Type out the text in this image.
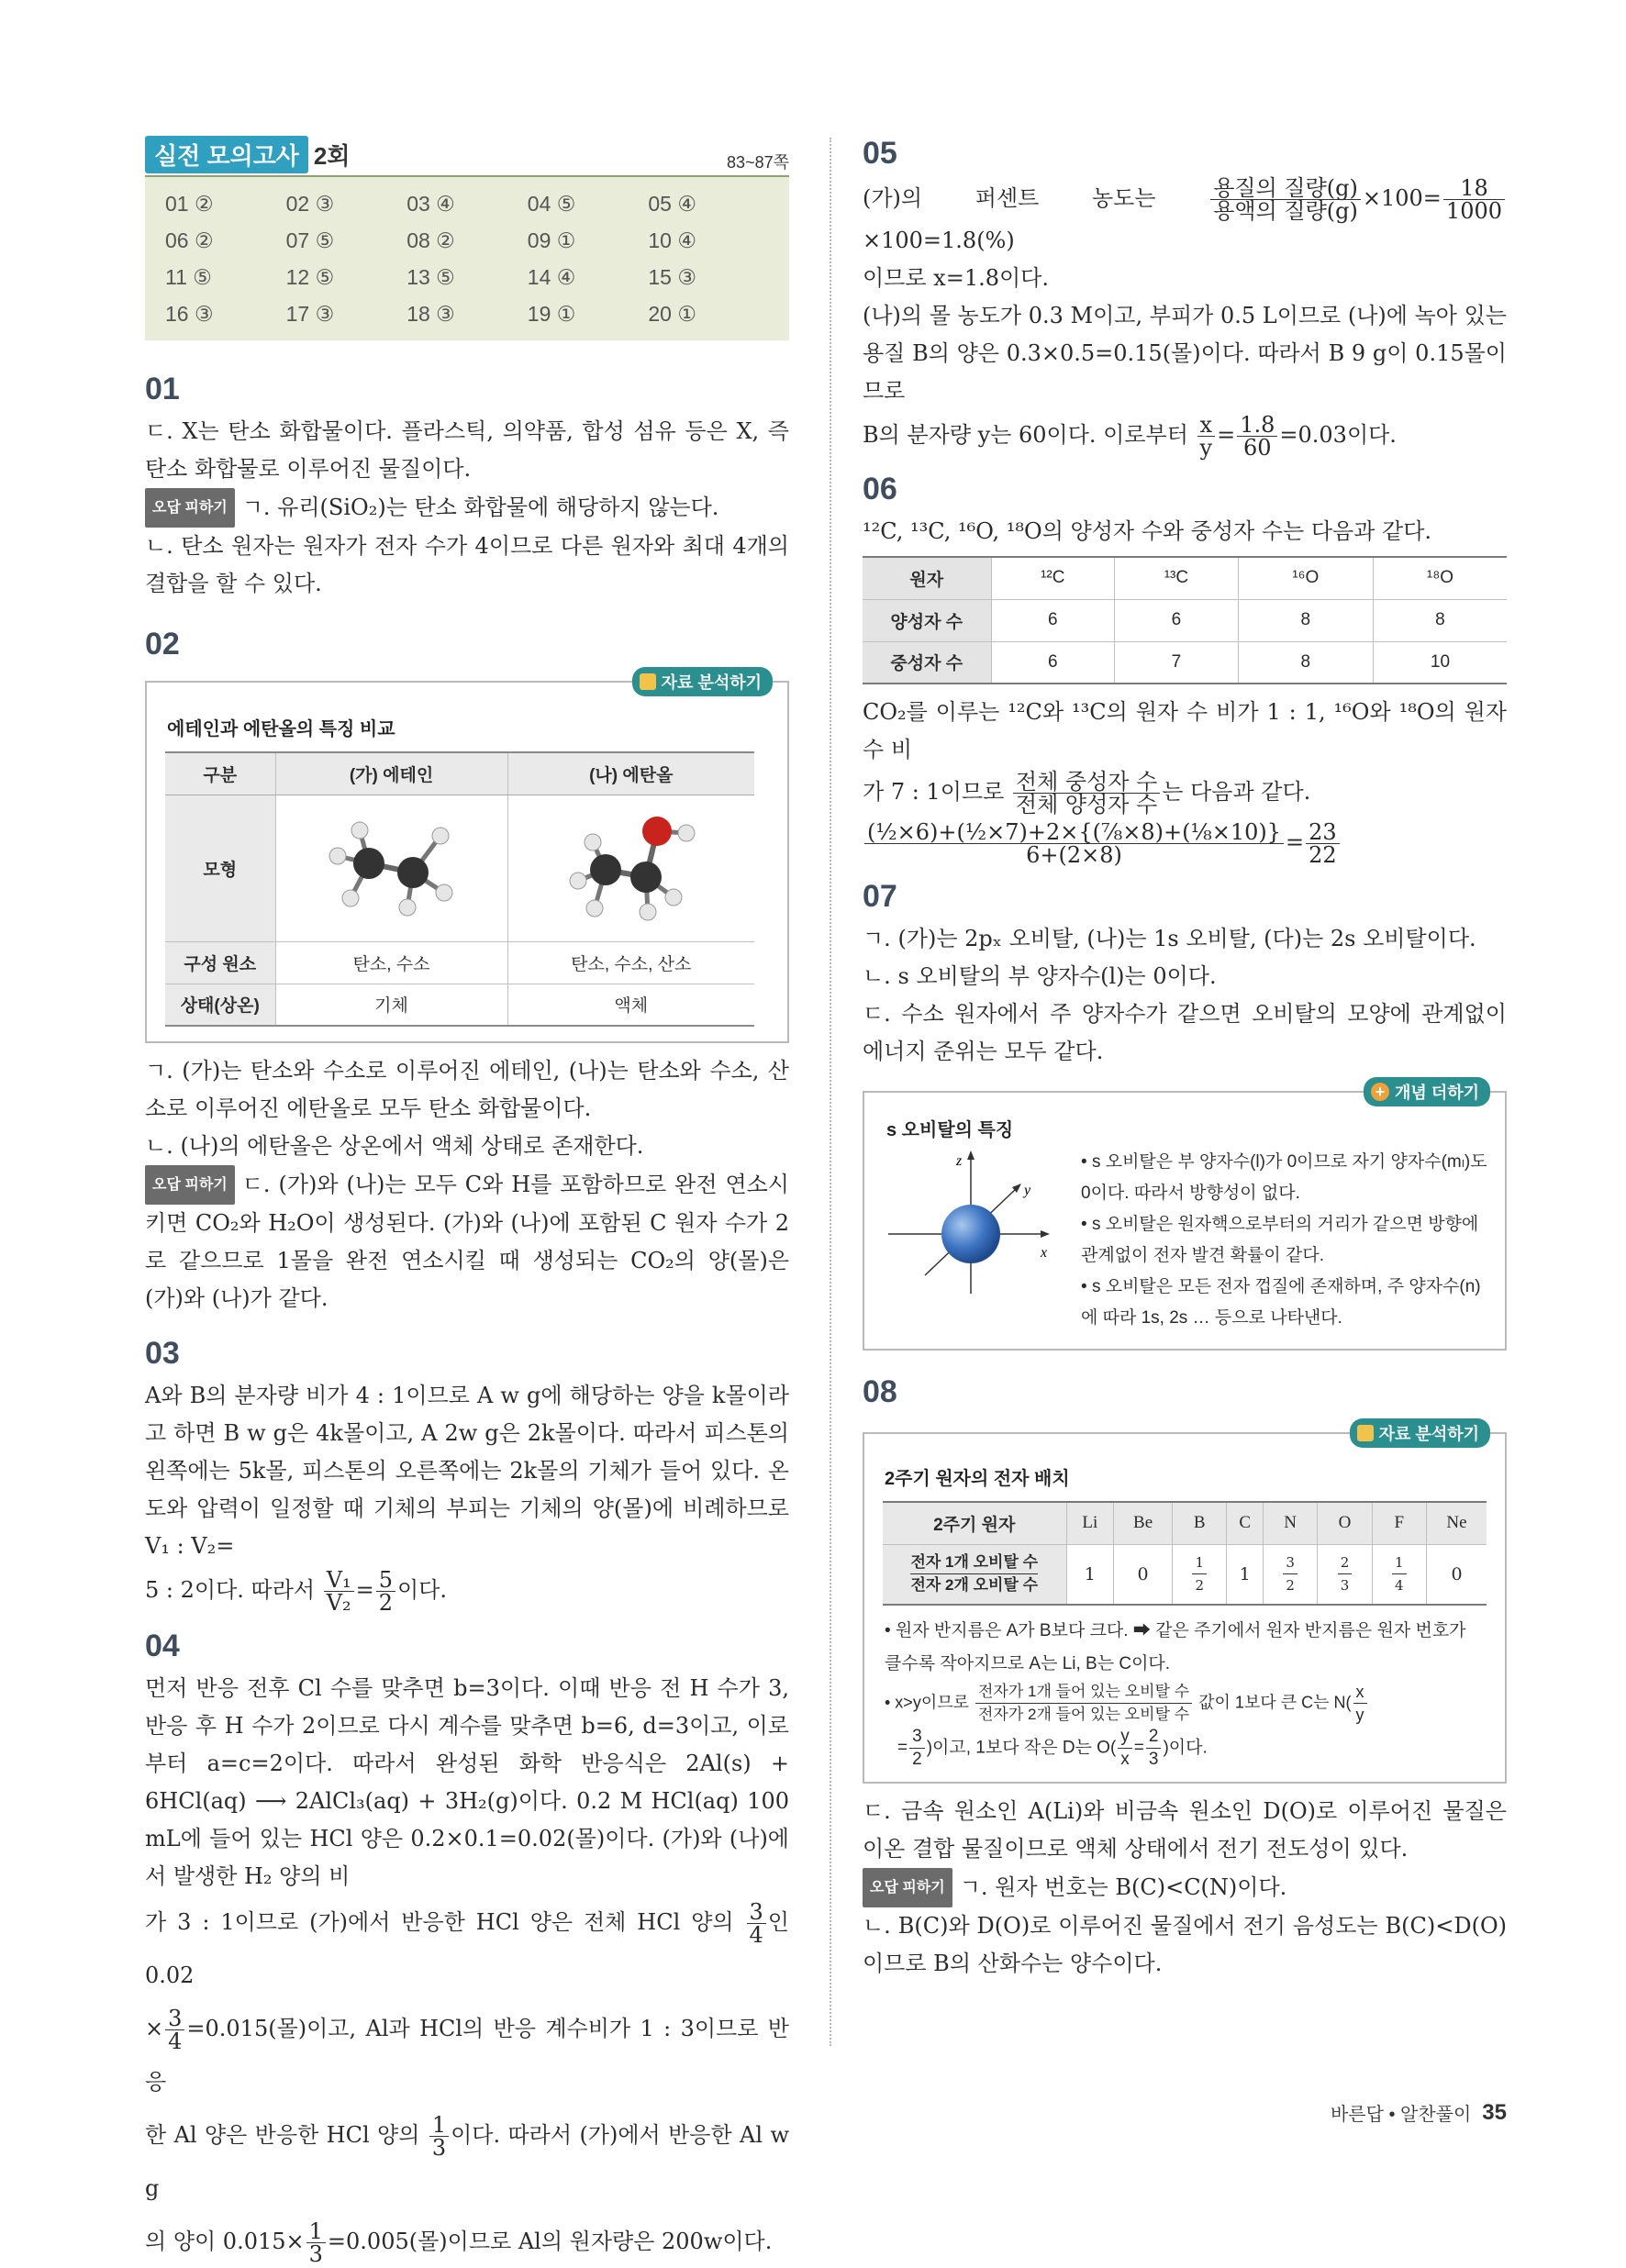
실전 모의고사 2회	83~87쪽
01 ②	02 ③	03 ④	04 ⑤	05 ④
06 ②	07 ⑤	08 ②	09 ①	10 ④
11 ⑤	12 ⑤	13 ⑤	14 ④	15 ③
16 ③	17 ③	18 ③	19 ①	20 ①
01

ㄷ. X는 탄소 화합물이다. 플라스틱, 의약품, 합성 섬유 등은 X, 즉 탄소 화합물로 이루어진 물질이다.

오답 피하기 ㄱ. 유리(SiO₂)는 탄소 화합물에 해당하지 않는다.

ㄴ. 탄소 원자는 원자가 전자 수가 4이므로 다른 원자와 최대 4개의 결합을 할 수 있다.

02
자료 분석하기
에테인과 에탄올의 특징 비교
구분	(가) 에테인	(나) 에탄올
모형		
구성 원소	탄소, 수소	탄소, 수소, 산소
상태(상온)	기체	액체

ㄱ. (가)는 탄소와 수소로 이루어진 에테인, (나)는 탄소와 수소, 산소로 이루어진 에탄올로 모두 탄소 화합물이다.

ㄴ. (나)의 에탄올은 상온에서 액체 상태로 존재한다.

오답 피하기 ㄷ. (가)와 (나)는 모두 C와 H를 포함하므로 완전 연소시키면 CO₂와 H₂O이 생성된다. (가)와 (나)에 포함된 C 원자 수가 2로 같으므로 1몰을 완전 연소시킬 때 생성되는 CO₂의 양(몰)은 (가)와 (나)가 같다.

03

A와 B의 분자량 비가 4 : 1이므로 A w g에 해당하는 양을 k몰이라고 하면 B w g은 4k몰이고, A 2w g은 2k몰이다. 따라서 피스톤의 왼쪽에는 5k몰, 피스톤의 오른쪽에는 2k몰의 기체가 들어 있다. 온도와 압력이 일정할 때 기체의 부피는 기체의 양(몰)에 비례하므로 V₁ : V₂=

5 : 2이다. 따라서 $\frac{\text{V₁}}{\text{V₂}} = \frac{5}{2}$ 이다.

04

먼저 반응 전후 Cl 수를 맞추면 b=3이다. 이때 반응 전 H 수가 3, 반응 후 H 수가 2이므로 다시 계수를 맞추면 b=6, d=3이고, 이로부터 a=c=2이다. 따라서 완성된 화학 반응식은 2Al(s) + 6HCl(aq) ⟶ 2AlCl₃(aq) + 3H₂(g)이다. 0.2 M HCl(aq) 100 mL에 들어 있는 HCl 양은 0.2×0.1=0.02(몰)이다. (가)와 (나)에서 발생한 H₂ 양의 비

가 3 : 1이므로 (가)에서 반응한 HCl 양은 전체 HCl 양의 $\frac{3}{4}$ 인 0.02
× $\frac{3}{4} =0.015$(몰)이고, Al과 HCl의 반응 계수비가 1 : 3이므로 반응
한 Al 양은 반응한 HCl 양의 $\frac{1}{3}$ 이다. 따라서 (가)에서 반응한 Al w g
의 양이 $0.015\times \frac{1}{3} =0.005$(몰)이므로 Al의 원자량은 200w이다.

05

(가)의 퍼센트 농도는 $\frac{\text{용질의 질량(g)}}{\text{용액의 질량(g)}} \times 100= \frac{18}{1000}$
×100=1.8(%)

이므로 x=1.8이다.

(나)의 몰 농도가 0.3 M이고, 부피가 0.5 L이므로 (나)에 녹아 있는 용질 B의 양은 0.3×0.5=0.15(몰)이다. 따라서 B 9 g이 0.15몰이므로

B의 분자량 y는 60이다. 이로부터 $\frac{x}{y} = \frac{1.8}{60} =0.03$이다.

06

¹²C, ¹³C, ¹⁶O, ¹⁸O의 양성자 수와 중성자 수는 다음과 같다.

원자	¹²C	¹³C	¹⁶O	¹⁸O
양성자 수	6	6	8	8
중성자 수	6	7	8	10

CO₂를 이루는 ¹²C와 ¹³C의 원자 수 비가 1 : 1, ¹⁶O와 ¹⁸O의 원자 수 비

가 7 : 1이므로 $\frac{\text{전체 중성자 수}}{\text{전체 양성자 수}}$ 는 다음과 같다.

$\frac{\text{(½×6)+(½×7)+2×\{(⅞×8)+(⅛×10)\}}}{6+(2\times 8)} = \frac{23}{22}$

07

ㄱ. (가)는 2pₓ 오비탈, (나)는 1s 오비탈, (다)는 2s 오비탈이다.

ㄴ. s 오비탈의 부 양자수(l)는 0이다.

ㄷ. 수소 원자에서 주 양자수가 같으면 오비탈의 모양에 관계없이 에너지 준위는 모두 같다.

+ 개념 더하기
s 오비탈의 특징
z
y
x
• s 오비탈은 부 양자수(l)가 0이므로 자기 양자수(mₗ)도 0이다. 따라서 방향성이 없다.
• s 오비탈은 원자핵으로부터의 거리가 같으면 방향에 관계없이 전자 발견 확률이 같다.
• s 오비탈은 모든 전자 껍질에 존재하며, 주 양자수(n)에 따라 1s, 2s … 등으로 나타낸다.
08
자료 분석하기
2주기 원자의 전자 배치
2주기 원자	Li	Be	B	C	N	O	F	Ne
전자 1개 오비탈 수
전자 2개 오비탈 수	1	0	$\frac{1}{2}$	1	$\frac{3}{2}$	$\frac{2}{3}$	$\frac{1}{4}$	0
• 원자 반지름은 A가 B보다 크다. ➡ 같은 주기에서 원자 반지름은 원자 번호가 클수록 작아지므로 A는 Li, B는 C이다.
• x>y이므로 $\frac{\text{전자가 1개 들어 있는 오비탈 수}}{\text{전자가 2개 들어 있는 오비탈 수}}$ 값이 1보다 큰 C는 $N( \frac{x}{y}$
= $\frac{3}{2}$ )이고, 1보다 작은 D는 $O( \frac{y}{x} = \frac{2}{3}$ )이다.

ㄷ. 금속 원소인 A(Li)와 비금속 원소인 D(O)로 이루어진 물질은 이온 결합 물질이므로 액체 상태에서 전기 전도성이 있다.

오답 피하기 ㄱ. 원자 번호는 B(C)<C(N)이다.

ㄴ. B(C)와 D(O)로 이루어진 물질에서 전기 음성도는 B(C)<D(O)이므로 B의 산화수는 양수이다.

바른답 • 알찬풀이 35
